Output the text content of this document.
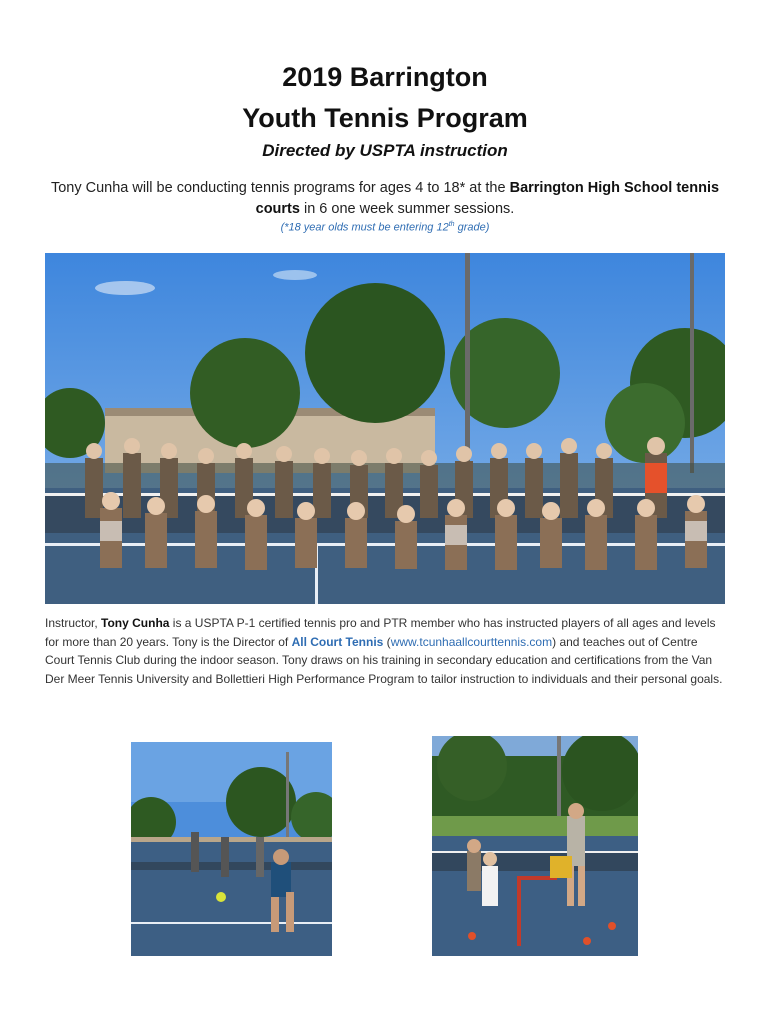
2019 Barrington
Youth Tennis Program
Directed by USPTA instruction
Tony Cunha will be conducting tennis programs for ages 4 to 18* at the Barrington High School tennis courts in 6 one week summer sessions.
(*18 year olds must be entering 12th grade)
Instructor, Tony Cunha is a USPTA P-1 certified tennis pro and PTR member who has instructed players of all ages and levels for more than 20 years. Tony is the Director of All Court Tennis (www.tcunhaallcourttennis.com) and teaches out of Centre Court Tennis Club during the indoor season. Tony draws on his training in secondary education and certifications from the Van Der Meer Tennis University and Bollettieri High Performance Program to tailor instruction to individuals and their personal goals.
